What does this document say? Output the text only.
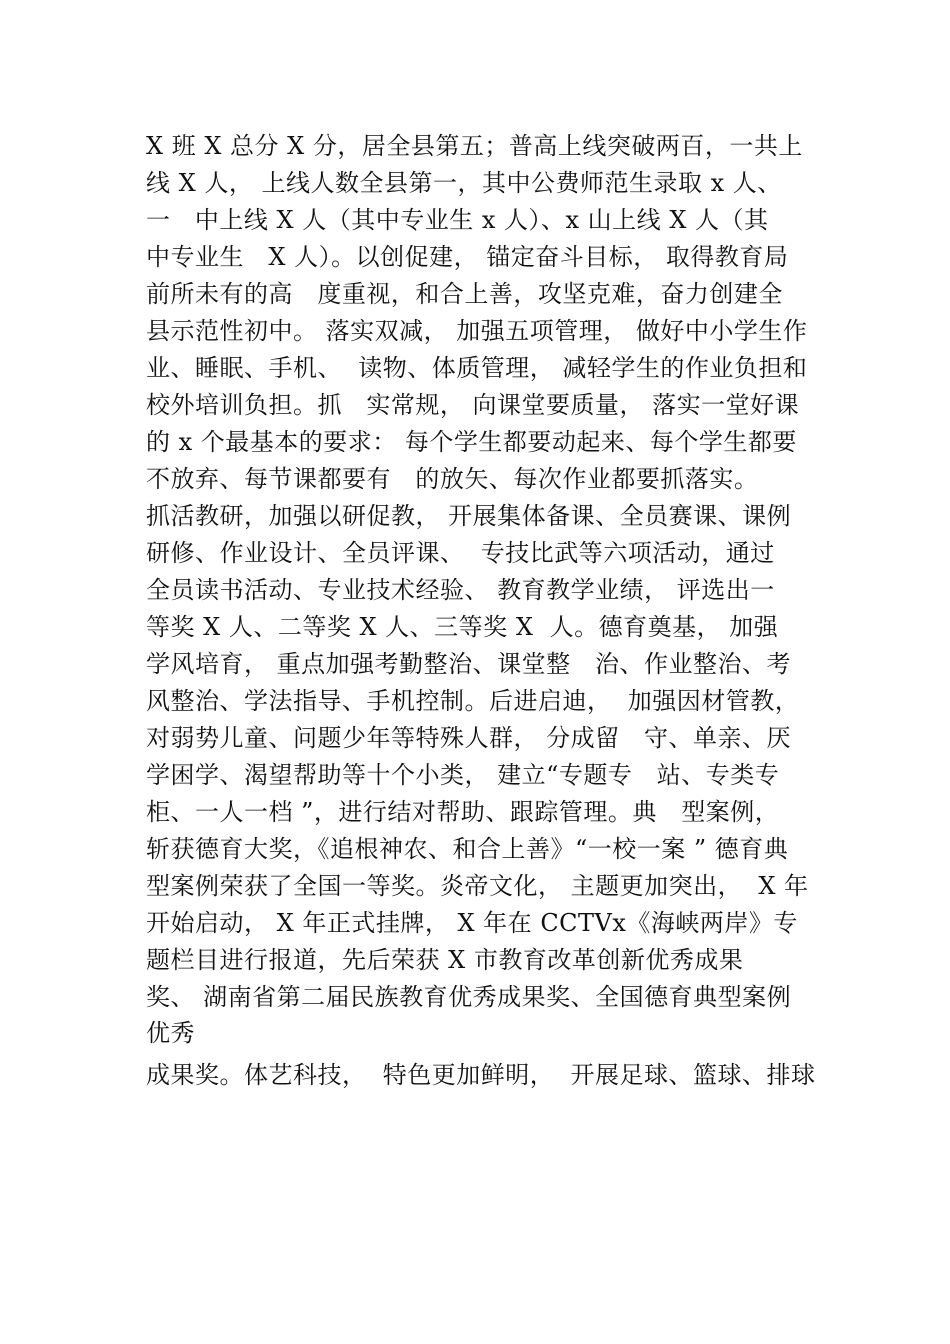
X 班 X 总分 X 分，居全县第五；普高上线突破两百，一共上
线 X 人， 上线人数全县第一，其中公费师范生录取 x 人、
一   中上线 X 人（其中专业生 x 人）、x 山上线 X 人（其
中专业生   X 人）。以创促建， 锚定奋斗目标， 取得教育局
前所未有的高   度重视，和合上善，攻坚克难，奋力创建全
县示范性初中。 落实双减， 加强五项管理， 做好中小学生作
业、睡眠、手机、  读物、体质管理， 减轻学生的作业负担和
校外培训负担。抓   实常规， 向课堂要质量， 落实一堂好课
的 x 个最基本的要求： 每个学生都要动起来、每个学生都要
不放弃、每节课都要有   的放矢、每次作业都要抓落实。
抓活教研，加强以研促教， 开展集体备课、全员赛课、课例
研修、作业设计、全员评课、  专技比武等六项活动，通过
全员读书活动、专业技术经验、 教育教学业绩， 评选出一
等奖 X 人、二等奖 X 人、三等奖 X  人。德育奠基， 加强
学风培育， 重点加强考勤整治、课堂整   治、作业整治、考
风整治、学法指导、手机控制。后进启迪，  加强因材管教，
对弱势儿童、问题少年等特殊人群， 分成留   守、单亲、厌
学困学、渴望帮助等十个小类， 建立“专题专   站、专类专
柜、一人一档 ”，进行结对帮助、跟踪管理。典   型案例，
斩获德育大奖，《追根神农、和合上善》“一校一案 ” 德育典
型案例荣获了全国一等奖。炎帝文化， 主题更加突出，  X 年
开始启动， X 年正式挂牌， X 年在 CCTVx《海峡两岸》专
题栏目进行报道，先后荣获 X 市教育改革创新优秀成果
奖、 湖南省第二届民族教育优秀成果奖、全国德育典型案例
优秀
成果奖。体艺科技，  特色更加鲜明，  开展足球、篮球、排球
